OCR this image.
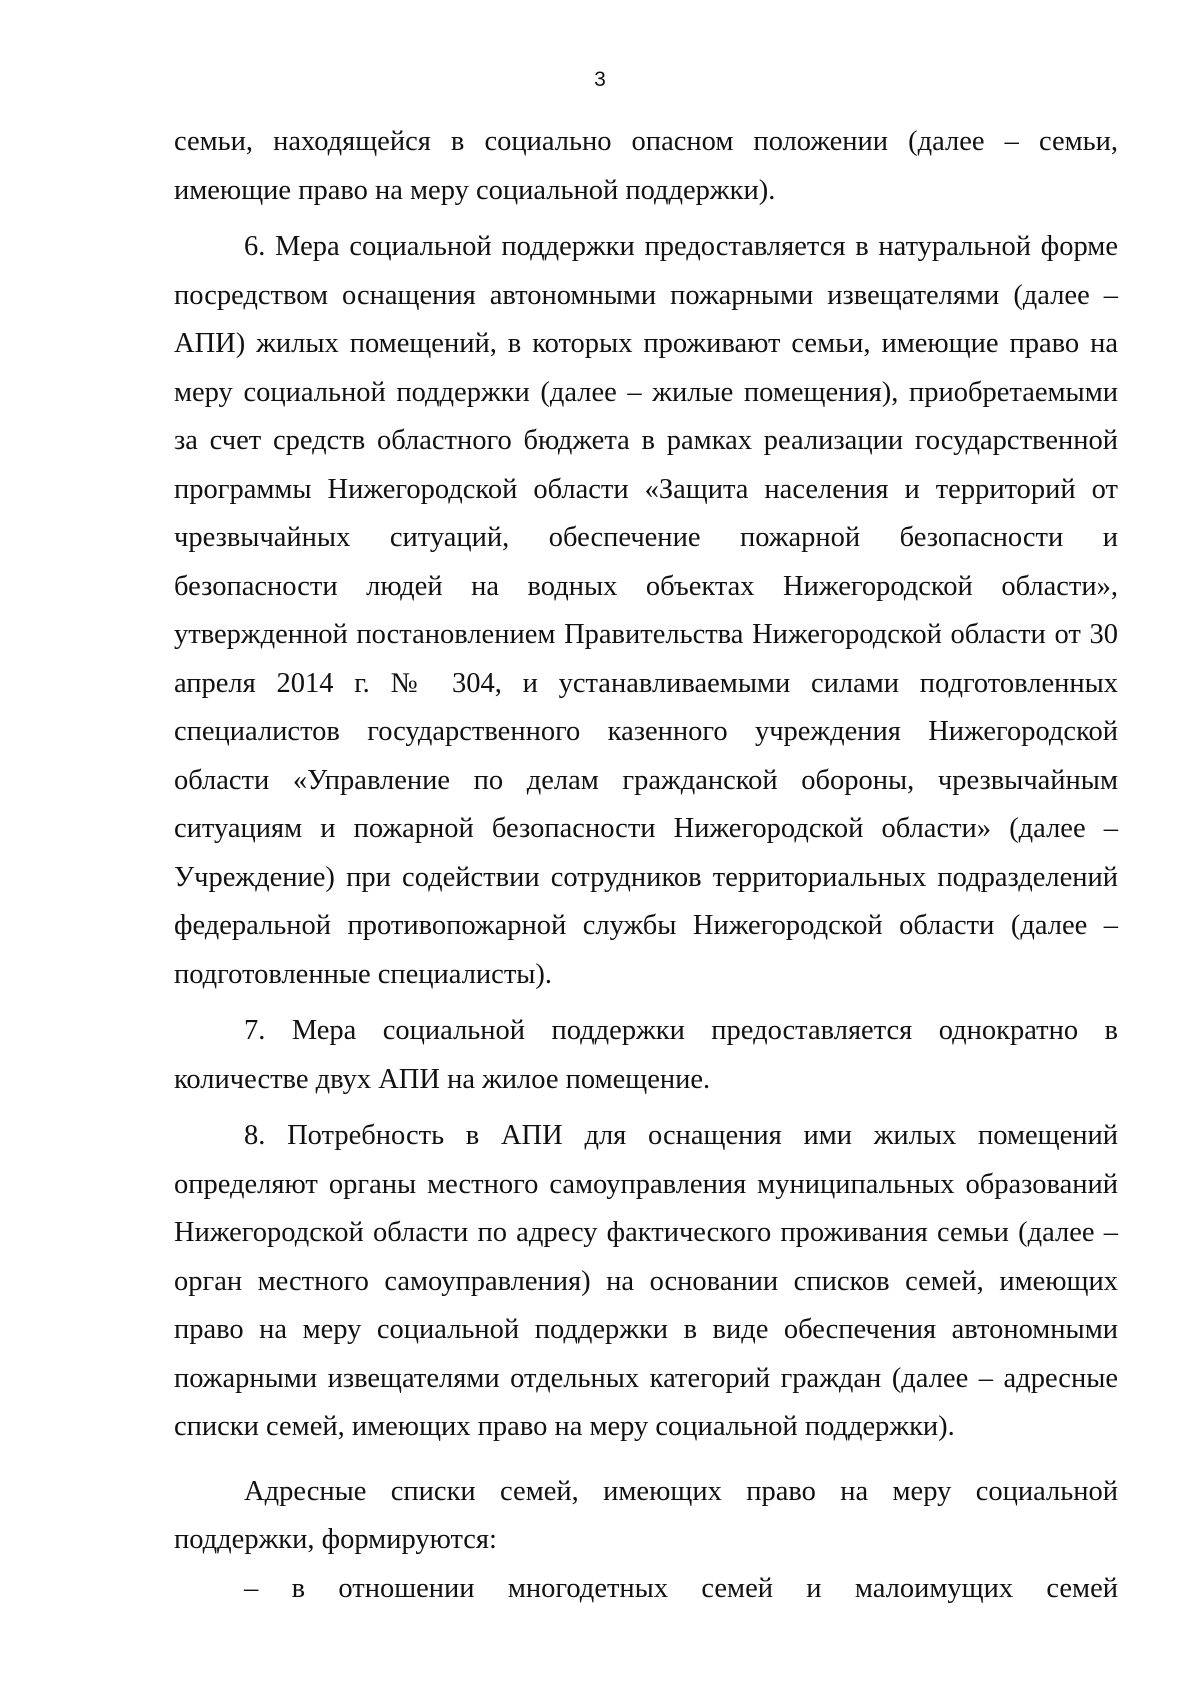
3

семьи, находящейся в социально опасном положении (далее – семьи, имеющие право на меру социальной поддержки).

6. Мера социальной поддержки предоставляется в натуральной форме посредством оснащения автономными пожарными извещателями (далее – АПИ) жилых помещений, в которых проживают семьи, имеющие право на меру социальной поддержки (далее – жилые помещения), приобретаемыми за счет средств областного бюджета в рамках реализации государственной программы Нижегородской области «Защита населения и территорий от чрезвычайных ситуаций, обеспечение пожарной безопасности и безопасности людей на водных объектах Нижегородской области», утвержденной постановлением Правительства Нижегородской области от 30 апреля 2014 г. № 304, и устанавливаемыми силами подготовленных специалистов государственного казенного учреждения Нижегородской области «Управление по делам гражданской обороны, чрезвычайным ситуациям и пожарной безопасности Нижегородской области» (далее – Учреждение) при содействии сотрудников территориальных подразделений федеральной противопожарной службы Нижегородской области (далее – подготовленные специалисты).

7. Мера социальной поддержки предоставляется однократно в количестве двух АПИ на жилое помещение.

8. Потребность в АПИ для оснащения ими жилых помещений определяют органы местного самоуправления муниципальных образований Нижегородской области по адресу фактического проживания семьи (далее – орган местного самоуправления) на основании списков семей, имеющих право на меру социальной поддержки в виде обеспечения автономными пожарными извещателями отдельных категорий граждан (далее – адресные списки семей, имеющих право на меру социальной поддержки).

Адресные списки семей, имеющих право на меру социальной поддержки, формируются:

– в отношении многодетных семей и малоимущих семей
